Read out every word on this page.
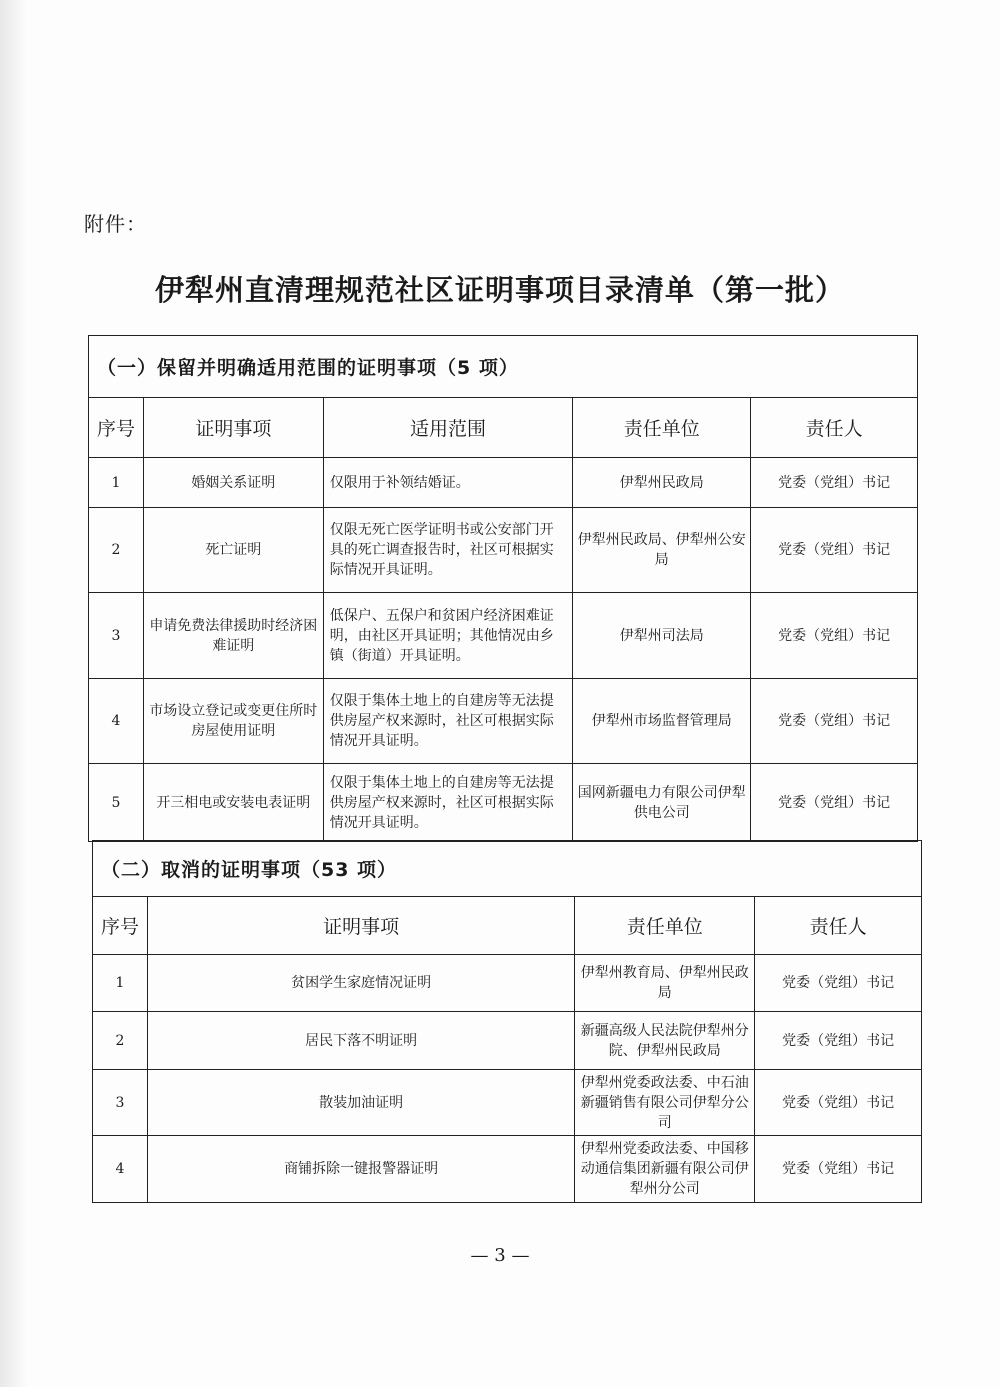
附件：
伊犁州直清理规范社区证明事项目录清单（第一批）
（一）保留并明确适用范围的证明事项（5 项）				
序号	证明事项	适用范围	责任单位	责任人
1	婚姻关系证明	仅限用于补领结婚证。	伊犁州民政局	党委（党组）书记
2	死亡证明	仅限无死亡医学证明书或公安部门开具的死亡调查报告时，社区可根据实际情况开具证明。	伊犁州民政局、伊犁州公安局	党委（党组）书记
3	申请免费法律援助时经济困难证明	低保户、五保户和贫困户经济困难证明，由社区开具证明；其他情况由乡镇（街道）开具证明。	伊犁州司法局	党委（党组）书记
4	市场设立登记或变更住所时房屋使用证明	仅限于集体土地上的自建房等无法提供房屋产权来源时，社区可根据实际情况开具证明。	伊犁州市场监督管理局	党委（党组）书记
5	开三相电或安装电表证明	仅限于集体土地上的自建房等无法提供房屋产权来源时，社区可根据实际情况开具证明。	国网新疆电力有限公司伊犁供电公司	党委（党组）书记
（二）取消的证明事项（53 项）			
序号	证明事项	责任单位	责任人
1	贫困学生家庭情况证明	伊犁州教育局、伊犁州民政局	党委（党组）书记
2	居民下落不明证明	新疆高级人民法院伊犁州分院、伊犁州民政局	党委（党组）书记
3	散装加油证明	伊犁州党委政法委、中石油新疆销售有限公司伊犁分公司	党委（党组）书记
4	商铺拆除一键报警器证明	伊犁州党委政法委、中国移动通信集团新疆有限公司伊犁州分公司	党委（党组）书记
— 3 —
